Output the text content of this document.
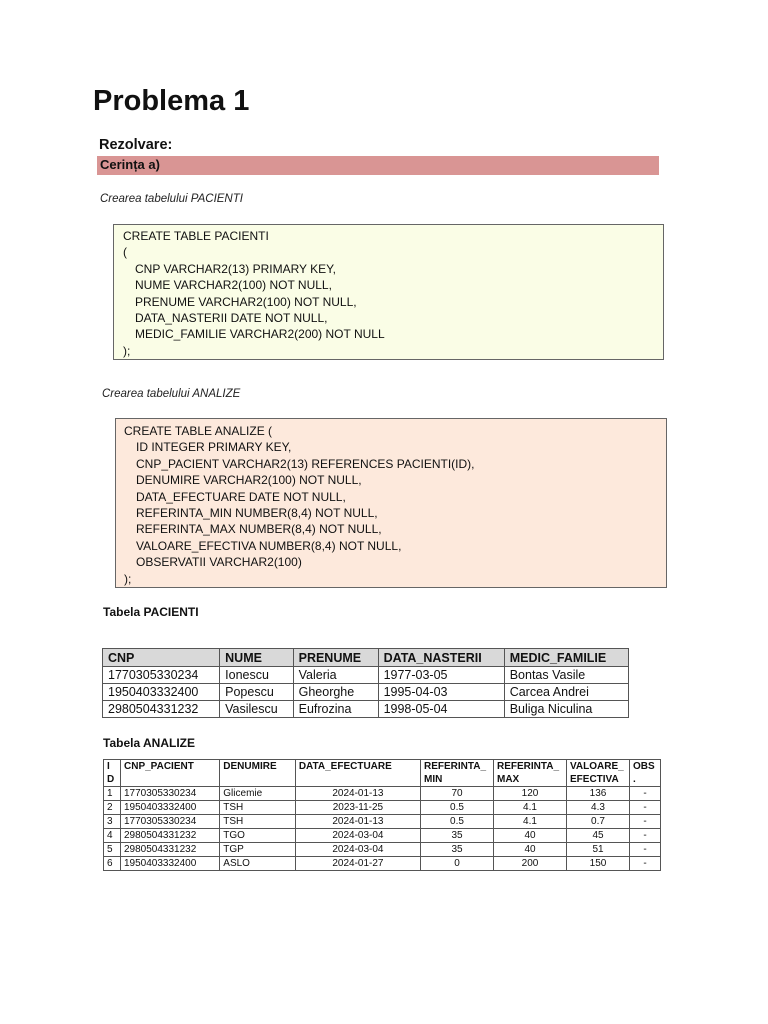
Problema 1
Rezolvare:
Cerința a)
Crearea tabelului PACIENTI
CREATE TABLE PACIENTI
(
CNP VARCHAR2(13) PRIMARY KEY,
NUME VARCHAR2(100) NOT NULL,
PRENUME VARCHAR2(100) NOT NULL,
DATA_NASTERII DATE NOT NULL,
MEDIC_FAMILIE VARCHAR2(200) NOT NULL
);
Crearea tabelului ANALIZE
CREATE TABLE ANALIZE (
ID INTEGER PRIMARY KEY,
CNP_PACIENT VARCHAR2(13) REFERENCES PACIENTI(ID),
DENUMIRE VARCHAR2(100) NOT NULL,
DATA_EFECTUARE DATE NOT NULL,
REFERINTA_MIN NUMBER(8,4) NOT NULL,
REFERINTA_MAX NUMBER(8,4) NOT NULL,
VALOARE_EFECTIVA NUMBER(8,4) NOT NULL,
OBSERVATII VARCHAR2(100)
);
Tabela PACIENTI
CNP	NUME	PRENUME	DATA_NASTERII	MEDIC_FAMILIE
1770305330234	Ionescu	Valeria	1977-03-05	Bontas Vasile
1950403332400	Popescu	Gheorghe	1995-04-03	Carcea Andrei
2980504331232	Vasilescu	Eufrozina	1998-05-04	Buliga Niculina
Tabela ANALIZE
I D	CNP_PACIENT	DENUMIRE	DATA_EFECTUARE	REFERINTA_ MIN	REFERINTA_ MAX	VALOARE_ EFECTIVA	OBS .
1	1770305330234	Glicemie	2024-01-13	70	120	136	-
2	1950403332400	TSH	2023-11-25	0.5	4.1	4.3	-
3	1770305330234	TSH	2024-01-13	0.5	4.1	0.7	-
4	2980504331232	TGO	2024-03-04	35	40	45	-
5	2980504331232	TGP	2024-03-04	35	40	51	-
6	1950403332400	ASLO	2024-01-27	0	200	150	-
